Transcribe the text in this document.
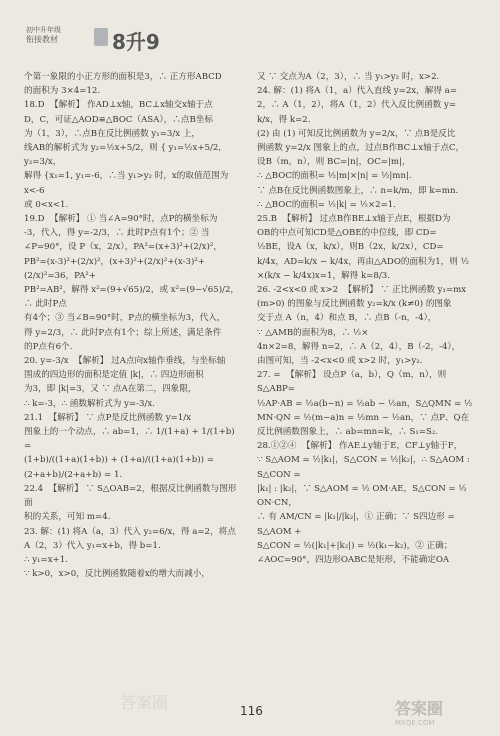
初中升年级
衔接教材	8升9

个第一象限的小正方形的面积是3，∴ 正方形ABCD

的面积为 3×4=12.

18.D  【解析】 作AD⊥x轴，BC⊥x轴交x轴于点

D，C，可证△AOD≌△BOC（ASA），∴点B坐标

为（1，3），∴点B在反比例函数 y₁=3/x 上，

线AB的解析式为 y₂=½x+5/2，则 { y₁=½x+5/2, y₂=3/x，

解得 {x₁=1, y₁=-6，∴当 y₁>y₂ 时，x的取值范围为 x<-6

或 0<x<1.

19.D  【解析】 ① 当∠A=90°时，点P的横坐标为

-3，代入，得 y=-2/3，∴ 此时P点有1个；② 当

∠P=90°，设 P（x，2/x），PA²=(x+3)²+(2/x)²，

PB²=(x-3)²+(2/x)²，(x+3)²+(2/x)²+(x-3)²+(2/x)²=36，PA²+

PB²=AB²，解得 x²=(9+√65)/2，或 x²=(9−√65)/2，∴ 此时P点

有4个；③ 当∠B=90°时，P点的横坐标为3，代入，

得 y=2/3，∴ 此时P点有1个；综上所述，满足条件

的P点有6个.

20. y=-3/x  【解析】 过A点向x轴作垂线，与坐标轴

围成的四边形的面积是定值 |k|，∴ 四边形面积

为3，即 |k|=3，又 ∵ 点A在第二，四象限，

∴ k=-3，∴ 函数解析式为 y=-3/x.

21.1  【解析】 ∵ 点P是反比例函数 y=1/x

图象上的一个动点，∴ ab=1，∴ 1/(1+a) + 1/(1+b) =

(1+b)/((1+a)(1+b)) + (1+a)/((1+a)(1+b)) = (2+a+b)/(2+a+b) = 1.

22.4  【解析】 ∵ S△OAB=2，根据反比例函数与图形面

积的关系，可知 m=4.

23. 解：(1) 将A（a，3）代入 y₂=6/x，得 a=2，将点

A（2，3）代入 y₁=x+b，得 b=1.

∴ y₁=x+1.

∵ k>0，x>0，反比例函数随着x的增大而减小，

又 ∵ 交点为A（2，3），∴ 当 y₁>y₂ 时，x>2.

24. 解：(1) 将A（1，a）代入直线 y=2x，解得 a=

2，∴ A（1，2），将A（1，2）代入反比例函数 y=

k/x，得 k=2.

(2) 由 (1) 可知反比例函数为 y=2/x，∵ 点B是反比

例函数 y=2/x 图象上的点，过点B作BC⊥x轴于点C，

设B（m，n），则 BC=|n|，OC=|m|，

∴ △BOC的面积= ½|m|×|n| = ½|mn|.

∵ 点B在反比例函数图象上，∴ n=k/m，即 k=mn.

∴ △BOC的面积= ½|k| = ½×2=1.

25.B  【解析】 过点B作BE⊥x轴于点E，根据D为

OB的中点可知CD是△OBE的中位线，即 CD=

½BE，设A（x，k/x），则B（2x，k/2x），CD=

k/4x，AD=k/x − k/4x，再由△ADO的面积为1，则 ½

×(k/x − k/4x)x=1，解得 k=8/3.

26. -2<x<0 或 x>2  【解析】 ∵ 正比例函数 y₁=mx

(m>0) 的图象与反比例函数 y₂=k/x (k≠0) 的图象

交于点 A（n，4）和点 B，∴ 点B（-n，-4），

∵ △AMB的面积为8，∴ ½×

4n×2=8，解得 n=2，∴ A（2，4），B（-2，-4），

由图可知，当 -2<x<0 或 x>2 时，y₁>y₂.

27. =  【解析】 设点P（a，b），Q（m，n），则 S△ABP=

½AP·AB = ½a(b−n) = ½ab − ½an，S△QMN = ½

MN·QN = ½(m−a)n = ½mn − ½an，∵ 点P、Q在

反比例函数图象上，∴ ab=mn=k，∴ S₁=S₂.

28.①②④  【解析】 作AE⊥y轴于E，CF⊥y轴于F，

∵ S△AOM = ½|k₁|，S△CON = ½|k₂|，∴ S△AOM : S△CON =

|k₁| : |k₂|，∵ S△AOM = ½ OM·AE，S△CON = ½ ON·CN，

∴ 有 AM/CN = |k₁|/|k₂|，① 正确；∵ S四边形 = S△AOM +

S△CON = ½(|k₁|+|k₂|) = ½(k₁−k₂)，② 正确；

∠AOC=90°，四边形OABC是矩形，不能确定OA

答案圈	116	答案圈
MXQE.COM
